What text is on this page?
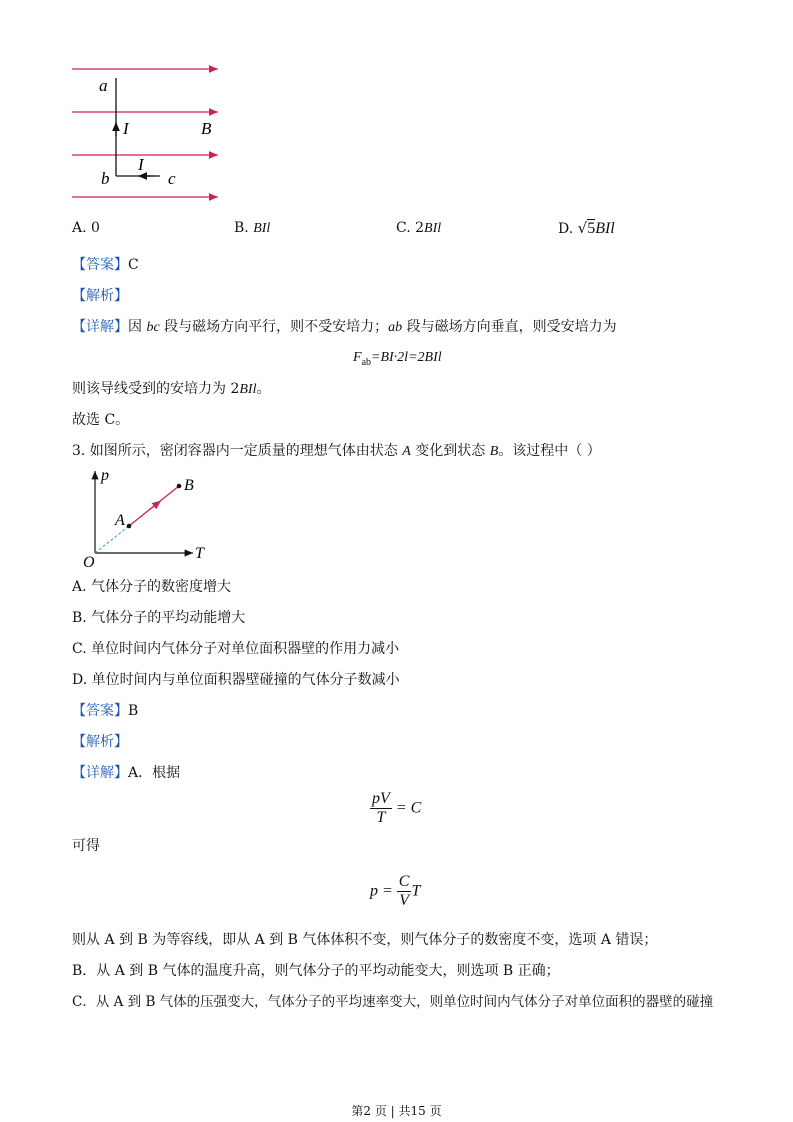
a
I	B
I
b	c
A. 0	B. BIl	C. 2BIl	D. √5BIl
【答案】C
【解析】
【详解】因 bc 段与磁场方向平行，则不受安培力；ab 段与磁场方向垂直，则受安培力为
$F_{ab}=BI\cdot 2l=2BIl$
则该导线受到的安培力为 2BIl。
故选 C。
3. 如图所示，密闭容器内一定质量的理想气体由状态 A 变化到状态 B。该过程中（ ）
p
T
O
A
B
A. 气体分子的数密度增大
B. 气体分子的平均动能增大
C. 单位时间内气体分子对单位面积器壁的作用力减小
D. 单位时间内与单位面积器壁碰撞的气体分子数减小
【答案】B
【解析】
【详解】A．根据
$\frac{pV}{T} = C$
可得
$p = \frac{C}{V}$ T
则从 A 到 B 为等容线，即从 A 到 B 气体体积不变，则气体分子的数密度不变，选项 A 错误；
B．从 A 到 B 气体的温度升高，则气体分子的平均动能变大，则选项 B 正确；
C．从 A 到 B 气体的压强变大，气体分子的平均速率变大，则单位时间内气体分子对单位面积的器壁的碰撞
第2 页 | 共15 页
